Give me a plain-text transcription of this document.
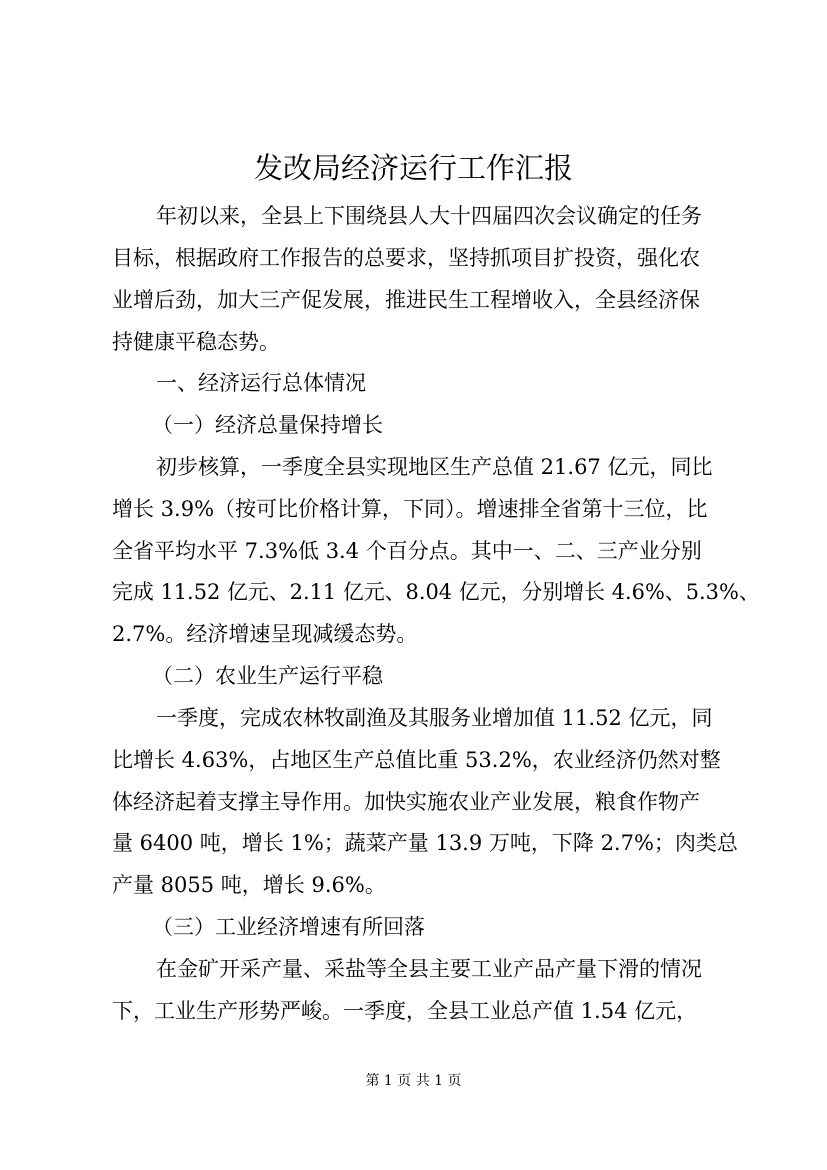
发改局经济运行工作汇报

年初以来，全县上下围绕县人大十四届四次会议确定的任务

目标，根据政府工作报告的总要求，坚持抓项目扩投资，强化农

业增后劲，加大三产促发展，推进民生工程增收入，全县经济保

持健康平稳态势。

一、经济运行总体情况

（一）经济总量保持增长

初步核算，一季度全县实现地区生产总值 21.67 亿元，同比

增长 3.9%（按可比价格计算，下同）。增速排全省第十三位，比

全省平均水平 7.3%低 3.4 个百分点。其中一、二、三产业分别

完成 11.52 亿元、2.11 亿元、8.04 亿元，分别增长 4.6%、5.3%、

2.7%。经济增速呈现减缓态势。

（二）农业生产运行平稳

一季度，完成农林牧副渔及其服务业增加值 11.52 亿元，同

比增长 4.63%，占地区生产总值比重 53.2%，农业经济仍然对整

体经济起着支撑主导作用。加快实施农业产业发展，粮食作物产

量 6400 吨，增长 1%；蔬菜产量 13.9 万吨，下降 2.7%；肉类总

产量 8055 吨，增长 9.6%。

（三）工业经济增速有所回落

在金矿开采产量、采盐等全县主要工业产品产量下滑的情况

下，工业生产形势严峻。一季度，全县工业总产值 1.54 亿元，

第 1 页 共 1 页
